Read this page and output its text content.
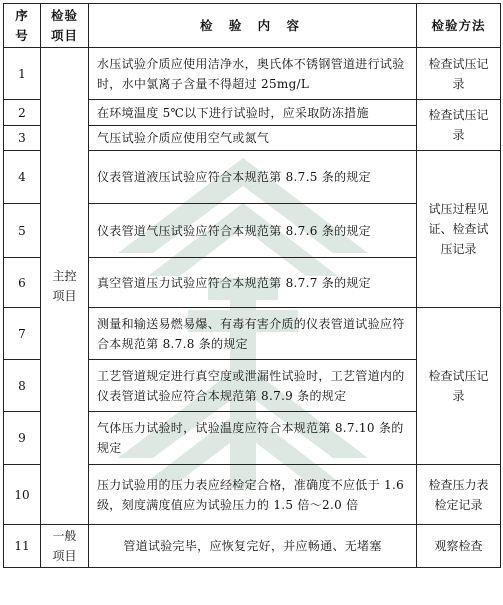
序号	检验项目	检 验 内 容	检验方法
1	主控项目	水压试验介质应使用洁净水，奥氏体不锈钢管道进行试验时，水中氯离子含量不得超过 25mg/L	检查试压记录
2		在环境温度 5℃以下进行试验时，应采取防冻措施	检查试压记录
3		气压试验介质应使用空气或氮气	
4		仪表管道液压试验应符合本规范第 8.7.5 条的规定	试压过程见证、检查试压记录
5		仪表管道气压试验应符合本规范第 8.7.6 条的规定	
6		真空管道压力试验应符合本规范第 8.7.7 条的规定	
7		测量和输送易燃易爆、有毒有害介质的仪表管道试验应符合本规范第 8.7.8 条的规定	检查试压记录
8		工艺管道规定进行真空度或泄漏性试验时，工艺管道内的仪表管道试验应符合本规范第 8.7.9 条的规定	
9		气体压力试验时，试验温度应符合本规范第 8.7.10 条的规定	
10		压力试验用的压力表应经检定合格，准确度不应低于 1.6 级，刻度满度值应为试验压力的 1.5 倍～2.0 倍	检查压力表检定记录
11	一般项目	管道试验完毕，应恢复完好，并应畅通、无堵塞	观察检查
